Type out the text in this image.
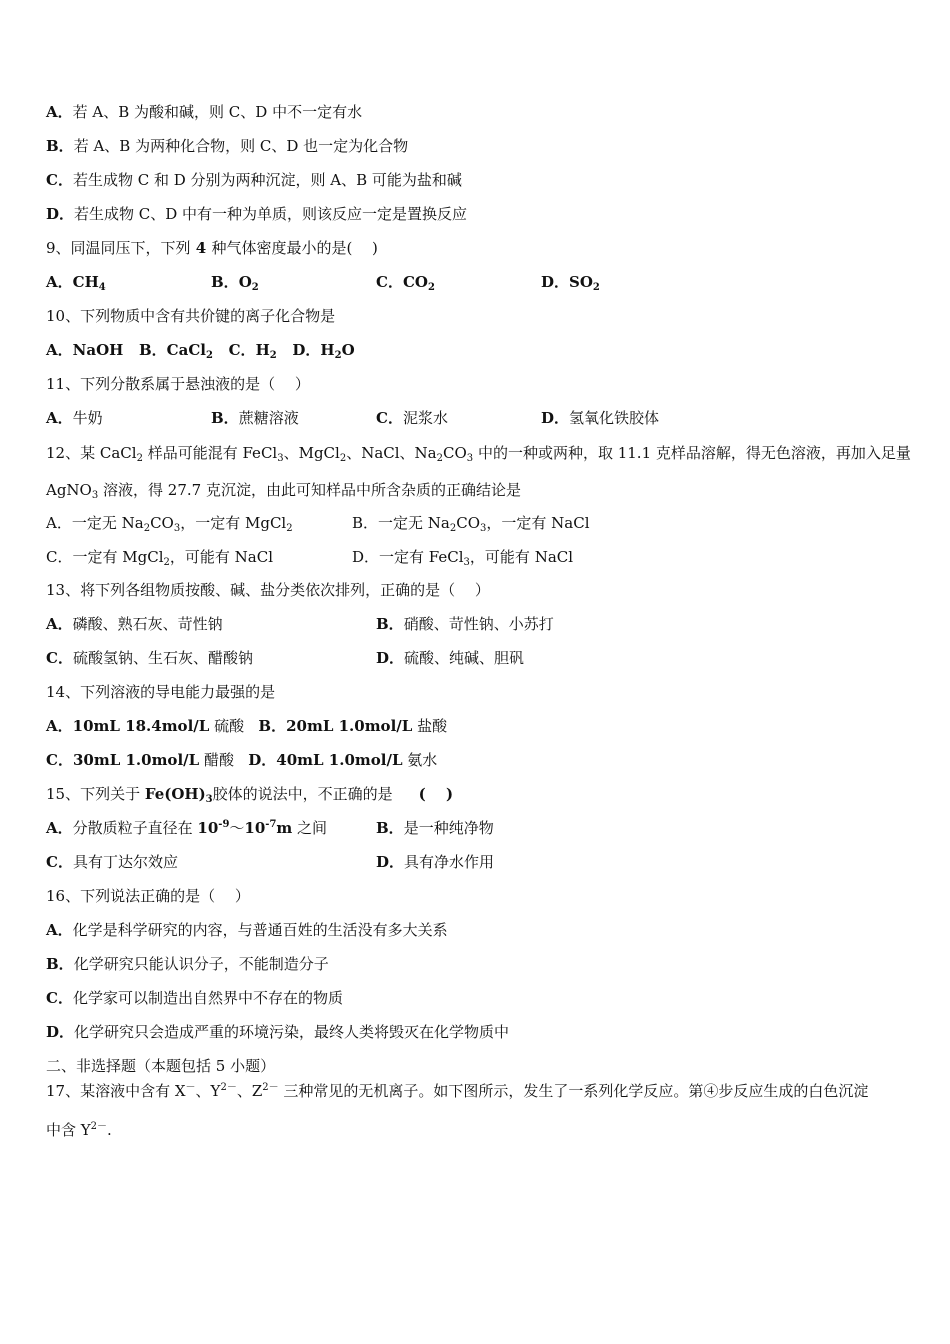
A．若 A、B 为酸和碱，则 C、D 中不一定有水
B．若 A、B 为两种化合物，则 C、D 也一定为化合物
C．若生成物 C 和 D 分别为两种沉淀，则 A、B 可能为盐和碱
D．若生成物 C、D 中有一种为单质，则该反应一定是置换反应
9、同温同压下，下列 4 种气体密度最小的是(　 )
A．$CH_4$	B．$O_2$	C．$CO_2$	D．$SO_2$
10、下列物质中含有共价键的离子化合物是
A．NaOH B．CaCl$_2$ C．$H_2$ D．$H_2O$
11、下列分散系属于悬浊液的是（　 ）
A．牛奶	B．蔗糖溶液	C．泥浆水	D．氢氧化铁胶体
12、某 CaCl$_2$ 样品可能混有 FeCl$_3$、MgCl$_2$、NaCl、$Na_2CO_3$ 中的一种或两种，取 11.1 克样品溶解，得无色溶液，再加入足量
AgNO$_3$ 溶液，得 27.7 克沉淀，由此可知样品中所含杂质的正确结论是
A．一定无 $Na_2CO_3$，一定有 MgCl$_2$	B．一定无 $Na_2CO_3$，一定有 NaCl
C．一定有 MgCl$_2$，可能有 NaCl	D．一定有 FeCl$_3$，可能有 NaCl
13、将下列各组物质按酸、碱、盐分类依次排列，正确的是（　 ）
A．磷酸、熟石灰、苛性钠	B．硝酸、苛性钠、小苏打
C．硫酸氢钠、生石灰、醋酸钠	D．硫酸、纯碱、胆矾
14、下列溶液的导电能力最强的是
A．10mL 18.4mol/L 硫酸 B．20mL 1.0mol/L 盐酸
C．30mL 1.0mol/L 醋酸 D．40mL 1.0mol/L 氨水
15、下列关于 $Fe(OH)_3$胶体的说法中，不正确的是 (　 )
A．分散质粒子直径在 $10^{-9}\sim 10^{-7}m$ 之间	B．是一种纯净物
C．具有丁达尔效应	D．具有净水作用
16、下列说法正确的是（　 ）
A．化学是科学研究的内容，与普通百姓的生活没有多大关系
B．化学研究只能认识分子，不能制造分子
C．化学家可以制造出自然界中不存在的物质
D．化学研究只会造成严重的环境污染，最终人类将毁灭在化学物质中
二、非选择题（本题包括 5 小题）
17、某溶液中含有 X－、$Y^{2-}$、$Z^{2-}$ 三种常见的无机离子。如下图所示，发生了一系列化学反应。第④步反应生成的白色沉淀
中含 $Y^{2-}$.
